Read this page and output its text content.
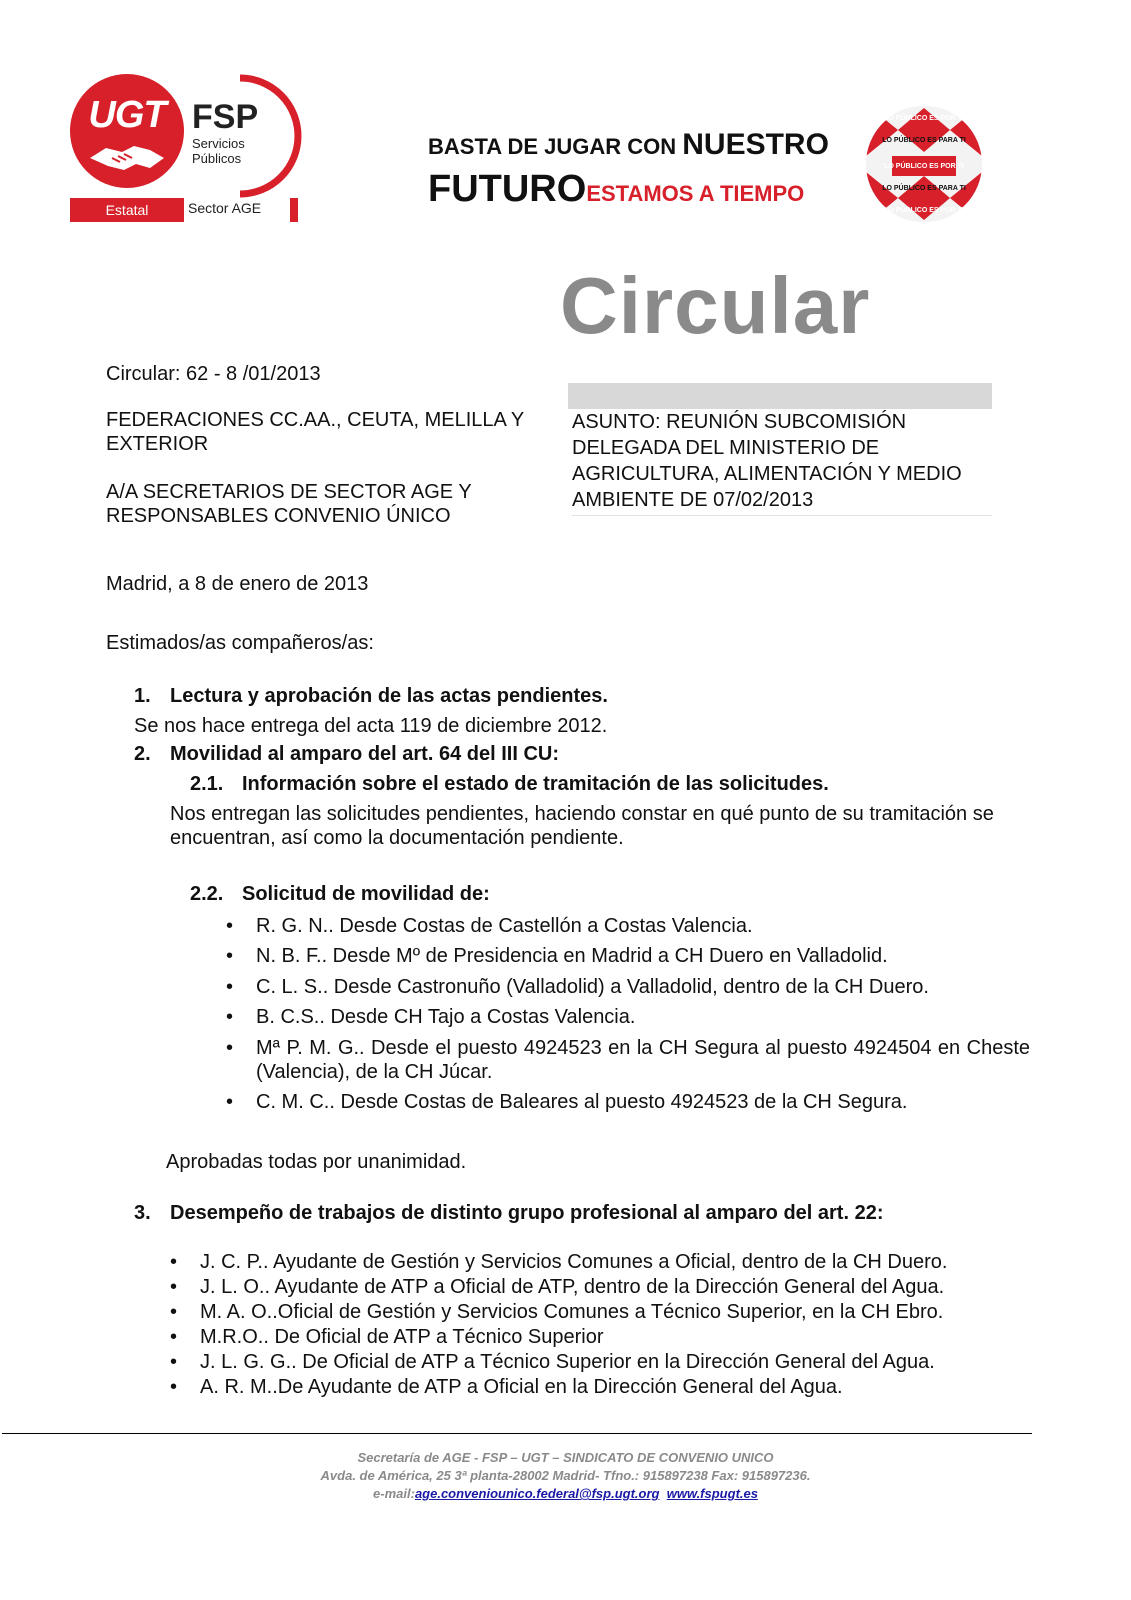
UGT FSP
Servicios
Públicos
Estatal	Sector AGE
BASTA DE JUGAR CON NUESTRO
FUTUROESTAMOS A TIEMPO
LO PÚBLICO ES POR TI
LO PÚBLICO ES PARA TI
LO PÚBLICO ES POR TI
LO PÚBLICO ES PARA TI
LO PÚBLICO ES POR TI
Circular
Circular: 62 - 8 /01/2013
FEDERACIONES CC.AA., CEUTA, MELILLA Y EXTERIOR
A/A SECRETARIOS DE SECTOR AGE Y RESPONSABLES CONVENIO ÚNICO
ASUNTO: REUNIÓN SUBCOMISIÓN DELEGADA DEL MINISTERIO DE AGRICULTURA, ALIMENTACIÓN Y MEDIO AMBIENTE DE 07/02/2013
Madrid, a 8 de enero de 2013
Estimados/as compañeros/as:
1. Lectura y aprobación de las actas pendientes.
Se nos hace entrega del acta 119 de diciembre 2012.
2. Movilidad al amparo del art. 64 del III CU:
2.1. Información sobre el estado de tramitación de las solicitudes.
Nos entregan las solicitudes pendientes, haciendo constar en qué punto de su tramitación se encuentran, así como la documentación pendiente.
2.2. Solicitud de movilidad de:
• R. G. N.. Desde Costas de Castellón a Costas Valencia.
• N. B. F.. Desde Mº de Presidencia en Madrid a CH Duero en Valladolid.
• C. L. S.. Desde Castronuño (Valladolid) a Valladolid, dentro de la CH Duero.
• B. C.S.. Desde CH Tajo a Costas Valencia.
• Mª P. M. G.. Desde el puesto 4924523 en la CH Segura al puesto 4924504 en Cheste (Valencia), de la CH Júcar.
• C. M. C.. Desde Costas de Baleares al puesto 4924523 de la CH Segura.
Aprobadas todas por unanimidad.
3. Desempeño de trabajos de distinto grupo profesional al amparo del art. 22:
• J. C. P.. Ayudante de Gestión y Servicios Comunes a Oficial, dentro de la CH Duero.
• J. L. O.. Ayudante de ATP a Oficial de ATP, dentro de la Dirección General del Agua.
• M. A. O..Oficial de Gestión y Servicios Comunes a Técnico Superior, en la CH Ebro.
• M.R.O.. De Oficial de ATP a Técnico Superior
• J. L. G. G.. De Oficial de ATP a Técnico Superior en la Dirección General del Agua.
• A. R. M..De Ayudante de ATP a Oficial en la Dirección General del Agua.
Secretaría de AGE - FSP – UGT – SINDICATO DE CONVENIO UNICO
Avda. de América, 25 3ª planta-28002 Madrid- Tfno.: 915897238 Fax: 915897236.
e-mail:age.conveniounico.federal@fsp.ugt.org www.fspugt.es
